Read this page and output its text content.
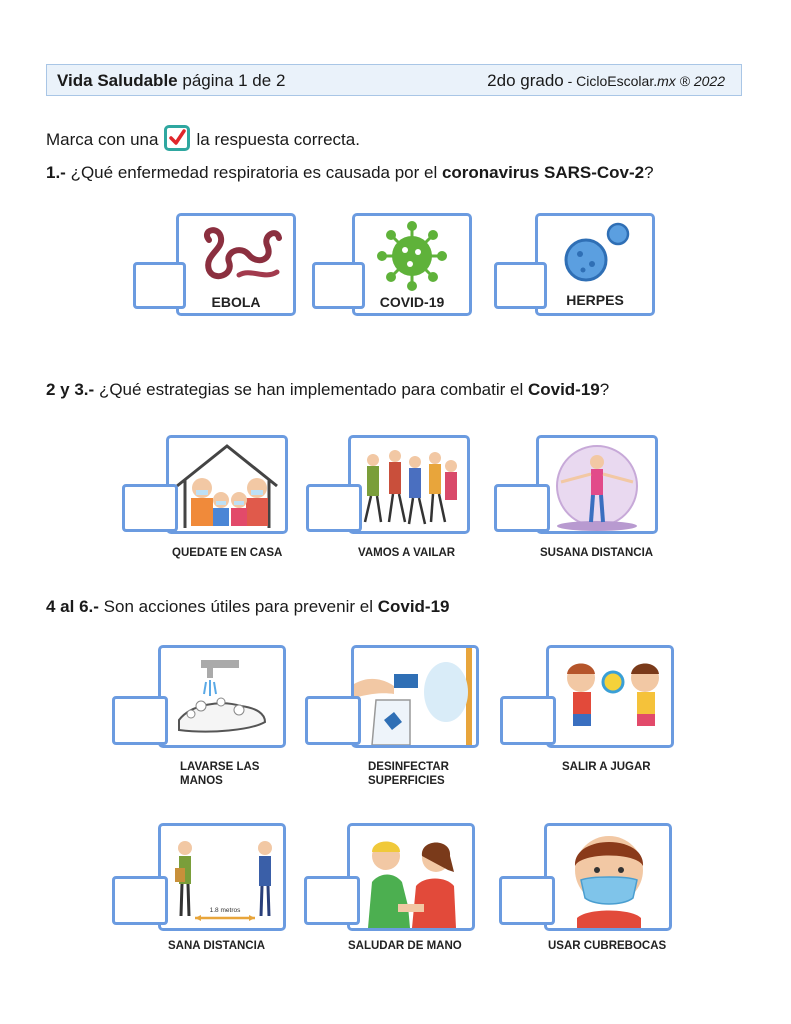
Vida Saludable página 1 de 2	2do grado - CicloEscolar.mx ® 2022
Marca con una la respuesta correcta.
1.- ¿Qué enfermedad respiratoria es causada por el coronavirus SARS-Cov-2?
EBOLA	COVID-19	HERPES
2 y 3.- ¿Qué estrategias se han implementado para combatir el Covid-19?
QUEDATE EN CASA	VAMOS A VAILAR	SUSANA DISTANCIA
4 al 6.- Son acciones útiles para prevenir el Covid-19
LAVARSE LAS
MANOS
DESINFECTAR
SUPERFICIES
SALIR A JUGAR
1.8 metros
SANA DISTANCIA	SALUDAR DE MANO	USAR CUBREBOCAS
